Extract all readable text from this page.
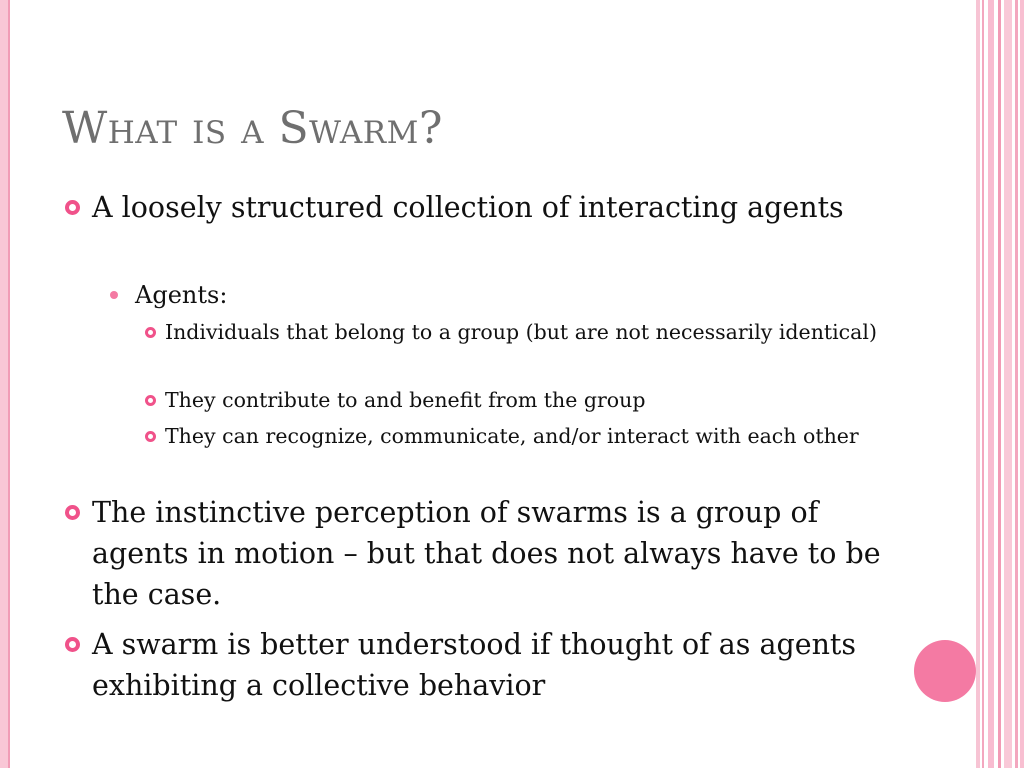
What is a Swarm?
A loosely structured collection of interacting agents
Agents:
Individuals that belong to a group (but are not necessarily identical)
They contribute to and benefit from the group
They can recognize, communicate, and/or interact with each other
The instinctive perception of swarms is a group of agents in motion – but that does not always have to be the case.
A swarm is better understood if thought of as agents exhibiting a collective behavior
